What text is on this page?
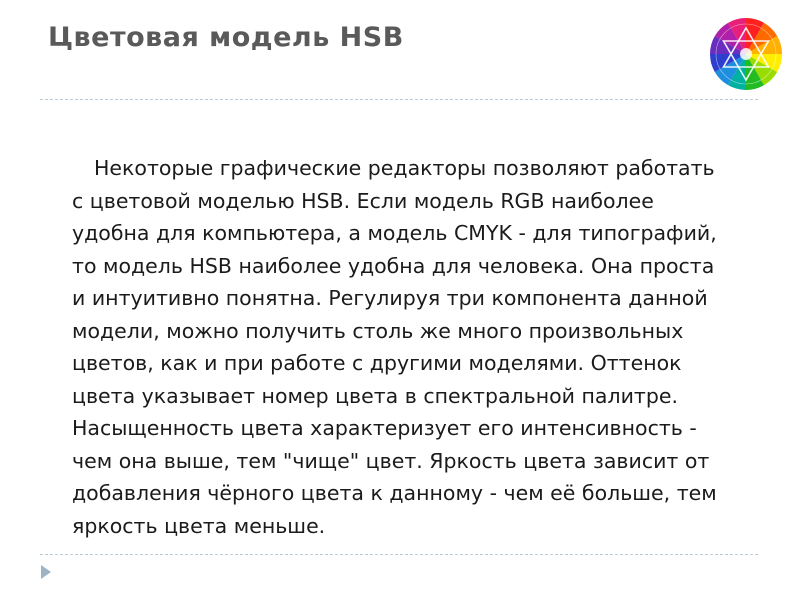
Цветовая модель HSB

Некоторые графические редакторы позволяют работать
с цветовой моделью HSB. Если модель RGB наиболее
удобна для компьютера, а модель CMYK - для типографий,
то модель HSB наиболее удобна для человека. Она проста
и интуитивно понятна. Регулируя три компонента данной
модели, можно получить столь же много произвольных
цветов, как и при работе с другими моделями. Оттенок
цвета указывает номер цвета в спектральной палитре.
Насыщенность цвета характеризует его интенсивность -
чем она выше, тем "чище" цвет. Яркость цвета зависит от
добавления чёрного цвета к данному - чем её больше, тем
яркость цвета меньше.
